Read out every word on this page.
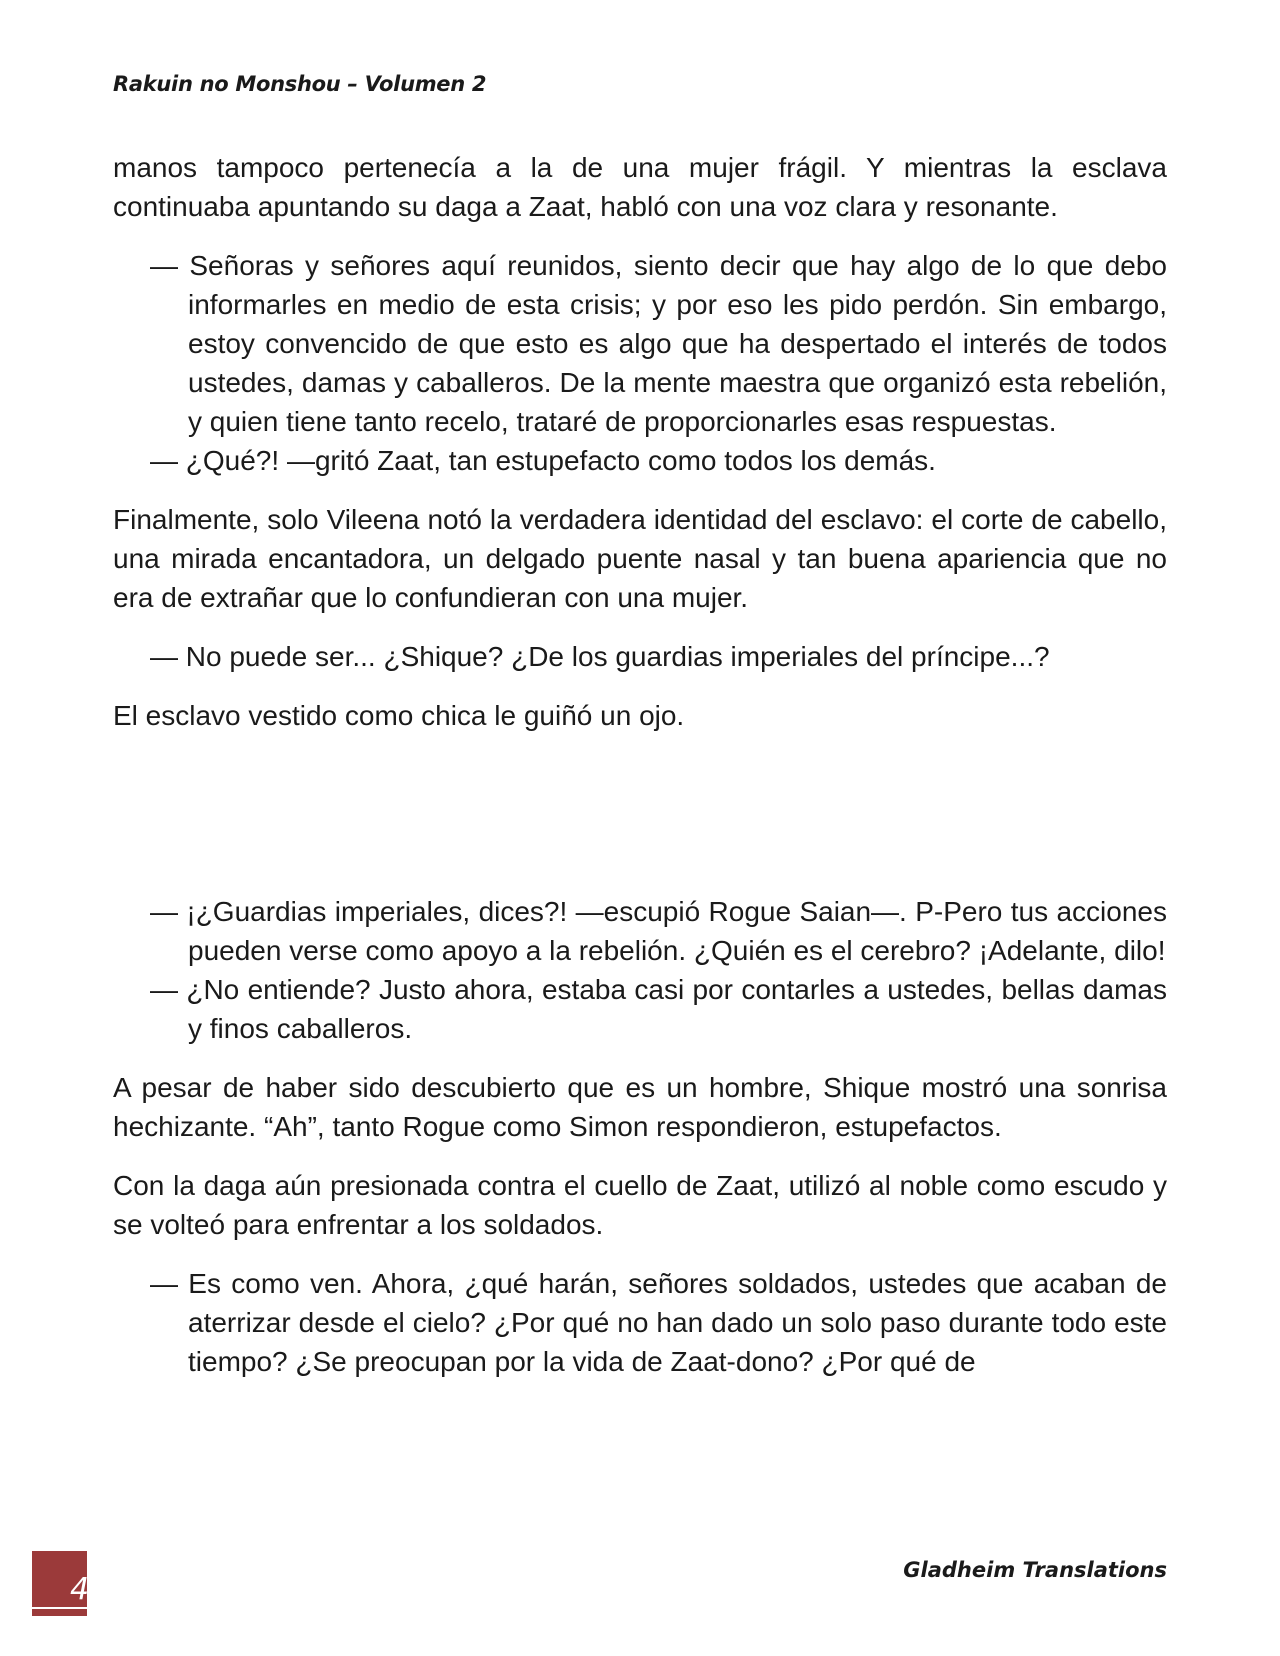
Rakuin no Monshou – Volumen 2

manos tampoco pertenecía a la de una mujer frágil. Y mientras la esclava continuaba apuntando su daga a Zaat, habló con una voz clara y resonante.

— Señoras y señores aquí reunidos, siento decir que hay algo de lo que debo informarles en medio de esta crisis; y por eso les pido perdón. Sin embargo, estoy convencido de que esto es algo que ha despertado el interés de todos ustedes, damas y caballeros. De la mente maestra que organizó esta rebelión, y quien tiene tanto recelo, trataré de proporcionarles esas respuestas.

— ¿Qué?! —gritó Zaat, tan estupefacto como todos los demás.

Finalmente, solo Vileena notó la verdadera identidad del esclavo: el corte de cabello, una mirada encantadora, un delgado puente nasal y tan buena apariencia que no era de extrañar que lo confundieran con una mujer.

— No puede ser... ¿Shique? ¿De los guardias imperiales del príncipe...?

El esclavo vestido como chica le guiñó un ojo.

— ¡¿Guardias imperiales, dices?! —escupió Rogue Saian—. P-Pero tus acciones pueden verse como apoyo a la rebelión. ¿Quién es el cerebro? ¡Adelante, dilo!

— ¿No entiende? Justo ahora, estaba casi por contarles a ustedes, bellas damas y finos caballeros.

A pesar de haber sido descubierto que es un hombre, Shique mostró una sonrisa hechizante. “Ah”, tanto Rogue como Simon respondieron, estupefactos.

Con la daga aún presionada contra el cuello de Zaat, utilizó al noble como escudo y se volteó para enfrentar a los soldados.

— Es como ven. Ahora, ¿qué harán, señores soldados, ustedes que acaban de aterrizar desde el cielo? ¿Por qué no han dado un solo paso durante todo este tiempo? ¿Se preocupan por la vida de Zaat-dono? ¿Por qué de

4
Gladheim Translations
